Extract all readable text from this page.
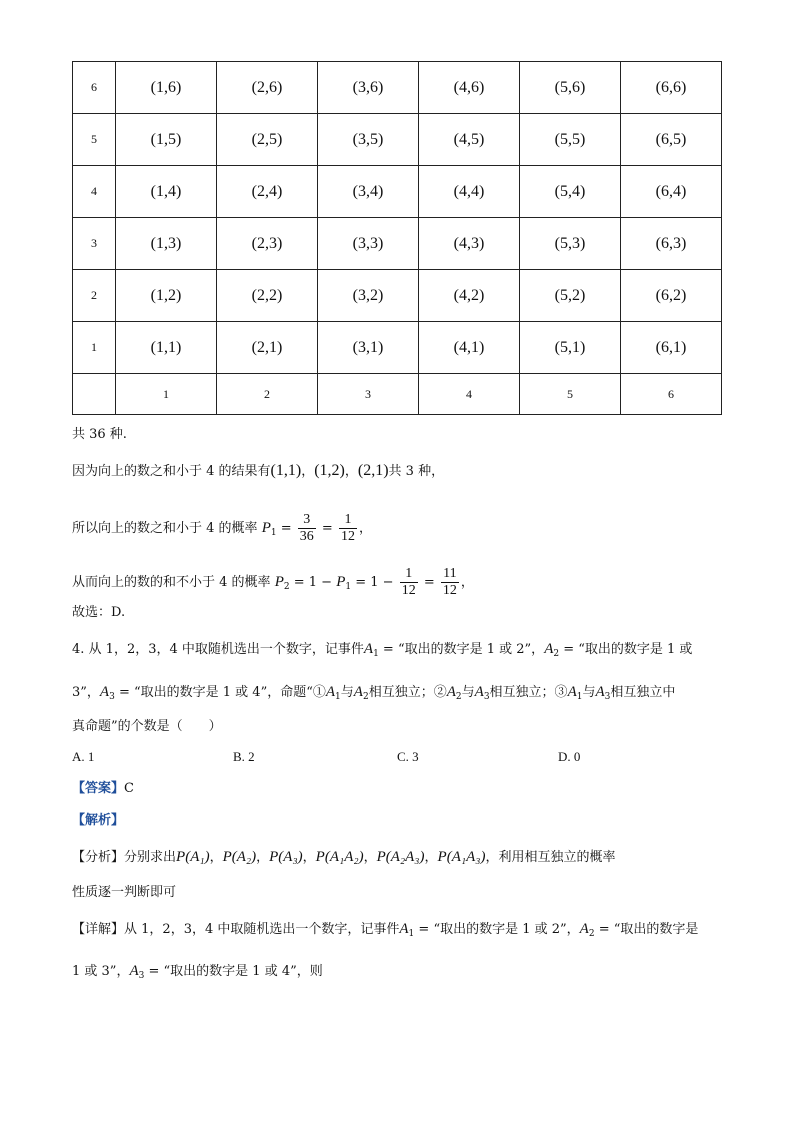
6	(1,6)	(2,6)	(3,6)	(4,6)	(5,6)	(6,6)
5	(1,5)	(2,5)	(3,5)	(4,5)	(5,5)	(6,5)
4	(1,4)	(2,4)	(3,4)	(4,4)	(5,4)	(6,4)
3	(1,3)	(2,3)	(3,3)	(4,3)	(5,3)	(6,3)
2	(1,2)	(2,2)	(3,2)	(4,2)	(5,2)	(6,2)
1	(1,1)	(2,1)	(3,1)	(4,1)	(5,1)	(6,1)
	1	2	3	4	5	6
共 36 种.
因为向上的数之和小于 4 的结果有(1,1)，(1,2)，(2,1)共 3 种，
所以向上的数之和小于 4 的概率 $P_1 = \frac{3}{36} = \frac{1}{12}$ ，
从而向上的数的和不小于 4 的概率 $P_2 = 1 - P_1 = 1 - \frac{1}{12} = \frac{11}{12}$ ，
故选：D.
4. 从 1，2，3，4 中取随机选出一个数字，记事件$A_1$ = “取出的数字是 1 或 2”，$A_2$ = “取出的数字是 1 或
3”，$A_3$ = “取出的数字是 1 或 4”，命题“$①A_1$与$A_2$相互独立；$②A_2$与$A_3$相互独立；$③A_1$与$A_3$相互独立中
真命题”的个数是（　　）
A. 1	B. 2	C. 3	D. 0
【答案】C
【解析】
【分析】分别求出P(A₁)，P(A₂)，P(A₃)，P(A₁A₂)，P(A₂A₃)，P(A₁A₃)，利用相互独立的概率
性质逐一判断即可
【详解】从 1，2，3，4 中取随机选出一个数字，记事件$A_1$ = “取出的数字是 1 或 2”，$A_2$ = “取出的数字是
1 或 3”，$A_3$ = “取出的数字是 1 或 4”，则
